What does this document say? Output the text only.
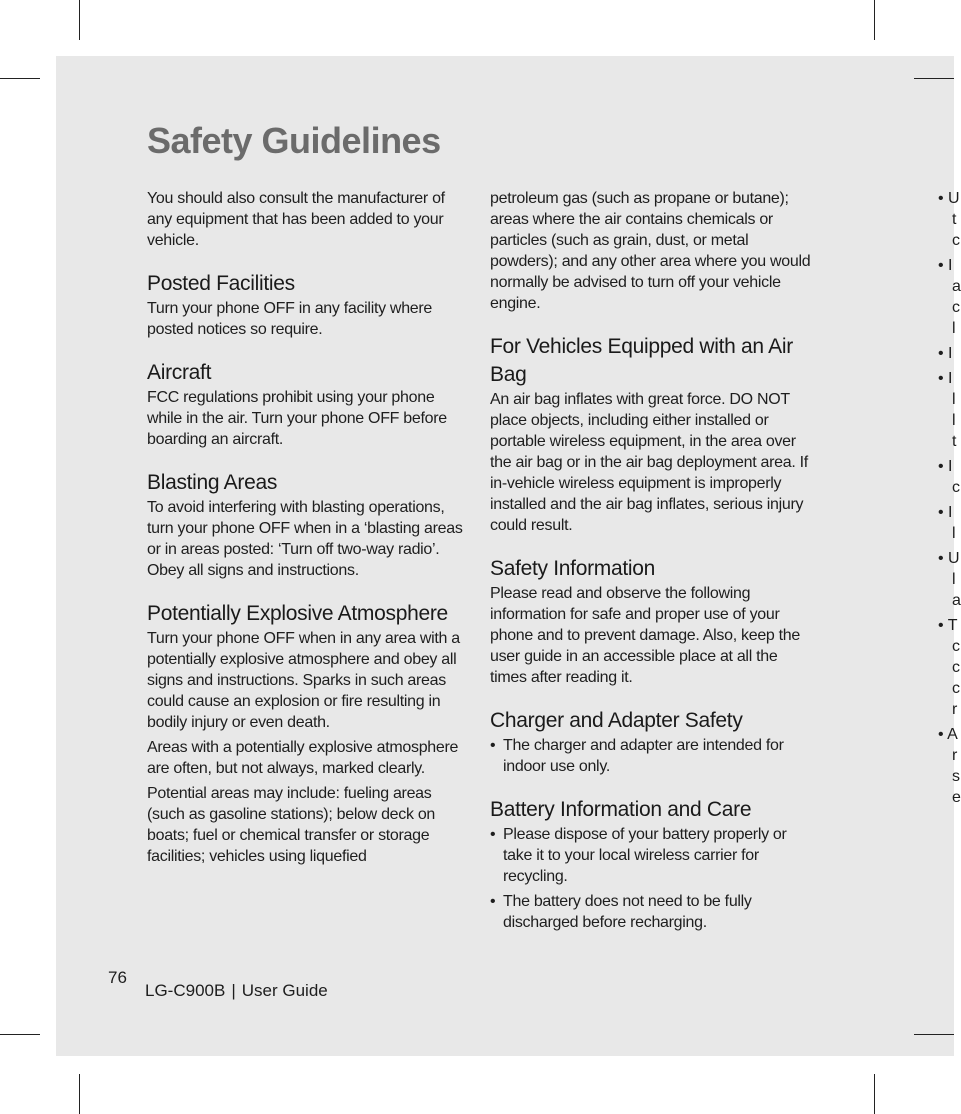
Safety Guidelines

You should also consult the manufacturer of any equipment that has been added to your vehicle.

Posted Facilities

Turn your phone OFF in any facility where posted notices so require.

Aircraft

FCC regulations prohibit using your phone while in the air. Turn your phone OFF before boarding an aircraft.

Blasting Areas

To avoid interfering with blasting operations, turn your phone OFF when in a ‘blasting areas or in areas posted: ‘Turn off two-way radio’. Obey all signs and instructions.

Potentially Explosive Atmosphere

Turn your phone OFF when in any area with a potentially explosive atmosphere and obey all signs and instructions. Sparks in such areas could cause an explosion or fire resulting in bodily injury or even death.

Areas with a potentially explosive atmosphere are often, but not always, marked clearly.

Potential areas may include: fueling areas (such as gasoline stations); below deck on boats; fuel or chemical transfer or storage facilities; vehicles using liquefied

petroleum gas (such as propane or butane); areas where the air contains chemicals or particles (such as grain, dust, or metal powders); and any other area where you would normally be advised to turn off your vehicle engine.

For Vehicles Equipped with an Air Bag

An air bag inflates with great force. DO NOT place objects, including either installed or portable wireless equipment, in the area over the air bag or in the air bag deployment area. If in-vehicle wireless equipment is improperly installed and the air bag inflates, serious injury could result.

Safety Information

Please read and observe the following information for safe and proper use of your phone and to prevent damage. Also, keep the user guide in an accessible place at all the times after reading it.

Charger and Adapter Safety
• The charger and adapter are intended for indoor use only.
Battery Information and Care
• Please dispose of your battery properly or take it to your local wireless carrier for recycling.
• The battery does not need to be fully discharged before recharging.
• U
t
c
• I
a
c
l
• I
• I
l
l
t
• I
c
• I
l
• U
l
a
• T
c
c
c
r
• A
r
s
e

76

LG-C900B | User Guide
